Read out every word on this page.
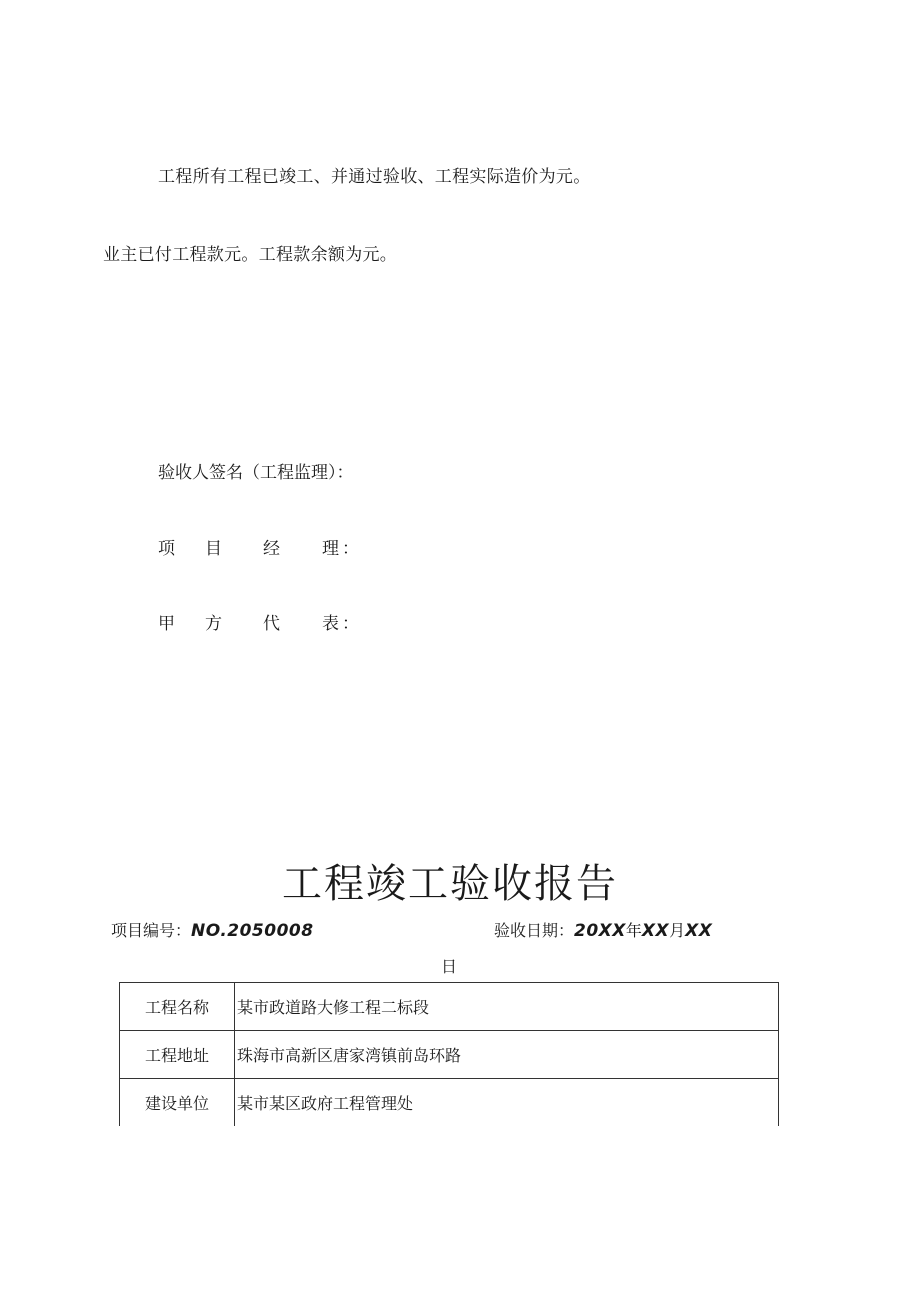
工程所有工程已竣工、并通过验收、工程实际造价为元。
业主已付工程款元。工程款余额为元。
验收人签名（工程监理）：
项	目	经	理 ：
甲	方	代	表 ：
工程竣工验收报告
项目编号：NO.2050008	验收日期：20XX年XX月XX
日
工程名称	某市政道路大修工程二标段
工程地址	珠海市高新区唐家湾镇前岛环路
建设单位	某市某区政府工程管理处
